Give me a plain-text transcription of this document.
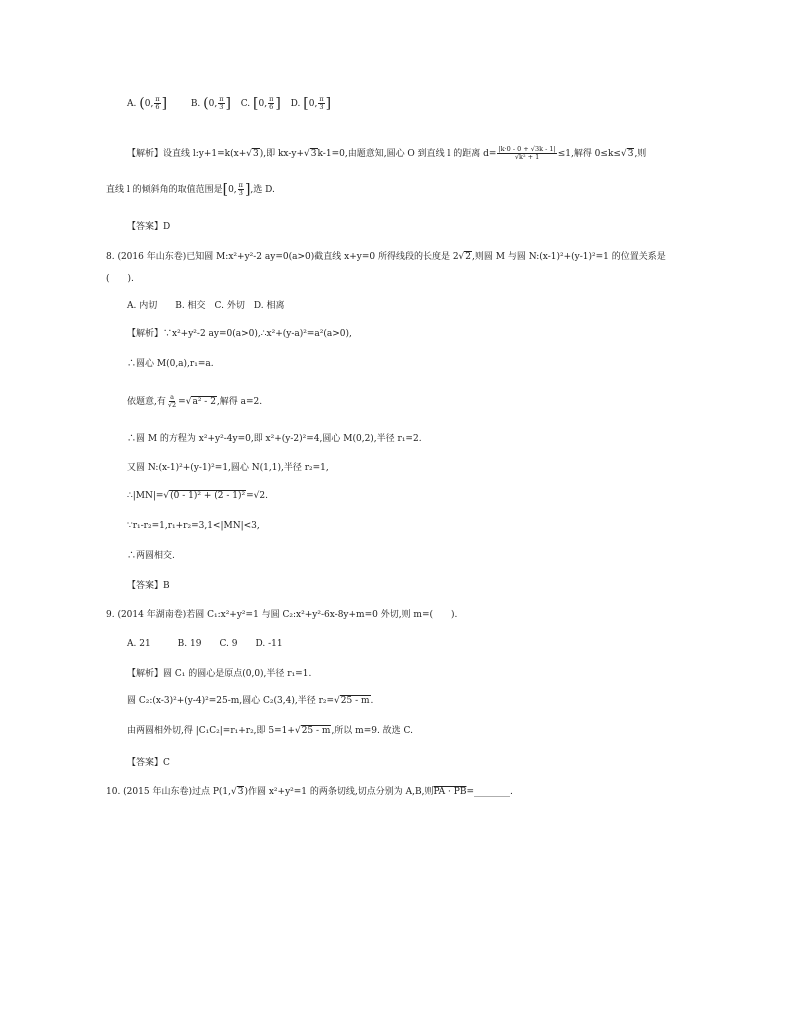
A. (0, $\frac{\pi}{6}$ ]	B. (0, $\frac{\pi}{3}$ ] C. [0, $\frac{\pi}{6}$ ] D. [0, $\frac{\pi}{3}$ ]
【解析】设直线 l:y+1=k(x+√3),即 kx-y+√3k-1=0,由题意知,圆心 O 到直线 l 的距离 $d= \frac{|k\cdot 0 - 0 + √3k - 1|}{\text{√k² + 1}} \le 1$,解得 0≤k≤√3,则
直线 l 的倾斜角的取值范围是[0, $\frac{\pi}{3}$ ],选 D.
【答案】D
8. (2016 年山东卷)已知圆 M:x²+y²-2 ay=0(a>0)截直线 x+y=0 所得线段的长度是 2√2,则圆 M 与圆 N:(x-1)²+(y-1)²=1 的位置关系是
(　　).
A. 内切　　B. 相交　C. 外切　D. 相离
【解析】∵x²+y²-2 ay=0(a>0),∴x²+(y-a)²=a²(a>0),
∴圆心 M(0,a),r₁=a.
依题意,有 $\frac{a}{√2} =√a^2 - 2$,解得 a=2.
∴圆 M 的方程为 x²+y²-4y=0,即 x²+(y-2)²=4,圆心 M(0,2),半径 r₁=2.
又圆 N:(x-1)²+(y-1)²=1,圆心 N(1,1),半径 r₂=1,
∴|MN|=√(0 - 1)² + (2 - 1)²=√2.
∵r₁-r₂=1,r₁+r₂=3,1<|MN|<3,
∴两圆相交.
【答案】B
9. (2014 年湖南卷)若圆 C₁:x²+y²=1 与圆 C₂:x²+y²-6x-8y+m=0 外切,则 m=(　　).
A. 21　　　B. 19　　C. 9　　D. -11
【解析】圆 C₁ 的圆心是原点(0,0),半径 r₁=1.
圆 C₂:(x-3)²+(y-4)²=25-m,圆心 C₂(3,4),半径 r₂=√25 - m.
由两圆相外切,得 |C₁C₂|=r₁+r₂,即 5=1+√25 - m,所以 m=9. 故选 C.
【答案】C
10. (2015 年山东卷)过点 P(1,√3)作圆 x²+y²=1 的两条切线,切点分别为 A,B,则PA · PB=________.
